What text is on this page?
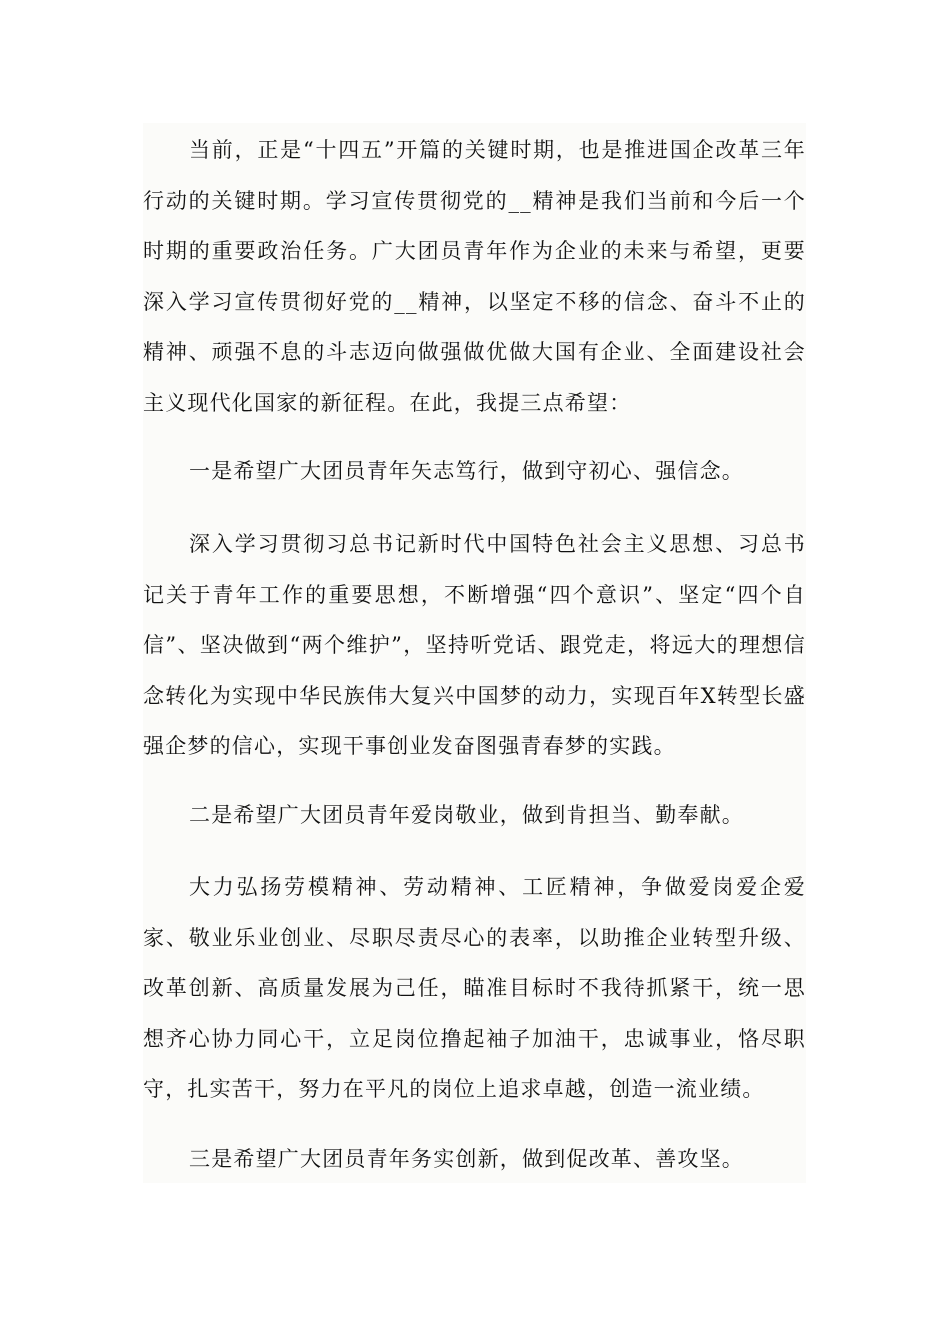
当前，正是“十四五”开篇的关键时期，也是推进国企改革三年行动的关键时期。学习宣传贯彻党的__精神是我们当前和今后一个时期的重要政治任务。广大团员青年作为企业的未来与希望，更要深入学习宣传贯彻好党的__精神，以坚定不移的信念、奋斗不止的精神、顽强不息的斗志迈向做强做优做大国有企业、全面建设社会主义现代化国家的新征程。在此，我提三点希望：

一是希望广大团员青年矢志笃行，做到守初心、强信念。

深入学习贯彻习总书记新时代中国特色社会主义思想、习总书记关于青年工作的重要思想，不断增强“四个意识”、坚定“四个自信”、坚决做到“两个维护”，坚持听党话、跟党走，将远大的理想信念转化为实现中华民族伟大复兴中国梦的动力，实现百年X转型长盛强企梦的信心，实现干事创业发奋图强青春梦的实践。

二是希望广大团员青年爱岗敬业，做到肯担当、勤奉献。

大力弘扬劳模精神、劳动精神、工匠精神，争做爱岗爱企爱家、敬业乐业创业、尽职尽责尽心的表率，以助推企业转型升级、改革创新、高质量发展为己任，瞄准目标时不我待抓紧干，统一思想齐心协力同心干，立足岗位撸起袖子加油干，忠诚事业，恪尽职守，扎实苦干，努力在平凡的岗位上追求卓越，创造一流业绩。

三是希望广大团员青年务实创新，做到促改革、善攻坚。
